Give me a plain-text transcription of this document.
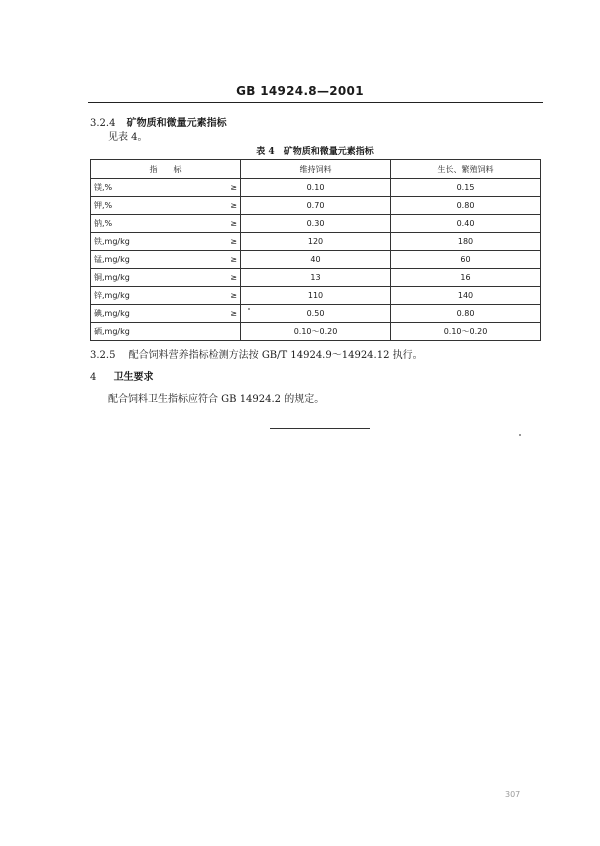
GB 14924.8—2001
3.2.4 矿物质和微量元素指标
见表 4。
表 4　矿物质和微量元素指标
指　　标	维持饲料	生长、繁殖饲料

镁,% ≥	0.10	0.15

钾,% ≥	0.70	0.80

钠,% ≥	0.30	0.40

铁,mg/kg ≥	120	180

锰,mg/kg ≥	40	60

铜,mg/kg ≥	13	16

锌,mg/kg ≥	110	140

碘,mg/kg ≥	0.50	0.80

硒,mg/kg	0.10～0.20	0.10～0.20
3.2.5 配合饲料营养指标检测方法按 GB/T 14924.9～14924.12 执行。
4 卫生要求
配合饲料卫生指标应符合 GB 14924.2 的规定。
307
